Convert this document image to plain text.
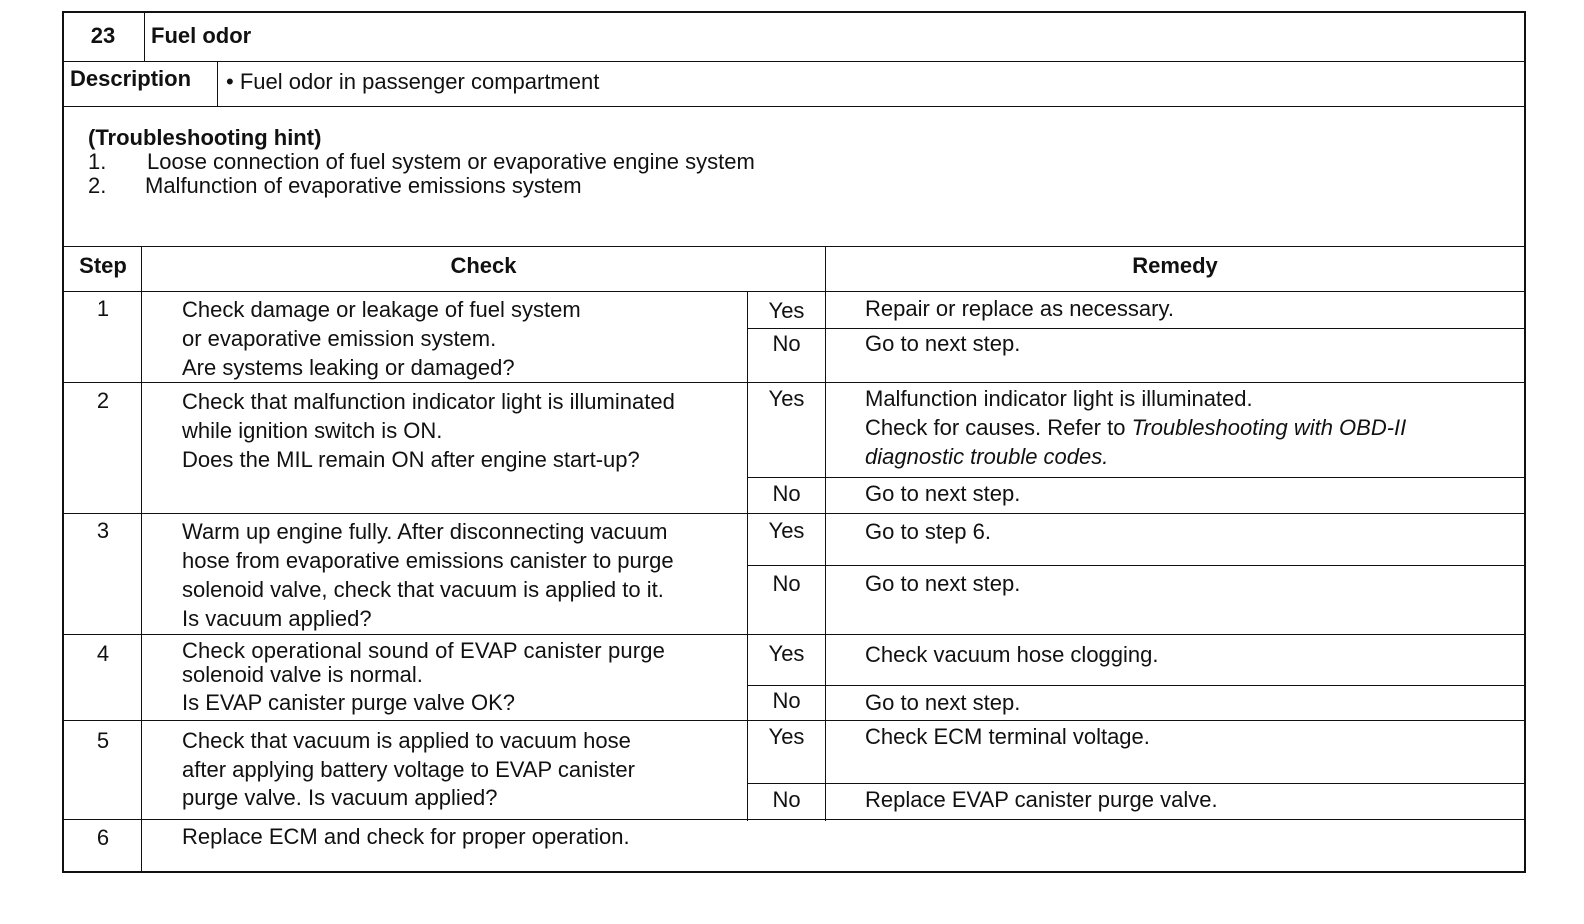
23	Fuel odor
Description • Fuel odor in passenger compartment
(Troubleshooting hint)
1. Loose connection of fuel system or evaporative engine system
2. Malfunction of evaporative emissions system
Step	Check	Remedy
1	Check damage or leakage of fuel system
or evaporative emission system.
Are systems leaking or damaged?
Yes	Repair or replace as necessary.
No	Go to next step.
2	Check that malfunction indicator light is illuminated
while ignition switch is ON.
Does the MIL remain ON after engine start-up?
Yes	Malfunction indicator light is illuminated.
Check for causes. Refer to Troubleshooting with OBD-II
diagnostic trouble codes.
No	Go to next step.
3	Warm up engine fully. After disconnecting vacuum
hose from evaporative emissions canister to purge
solenoid valve, check that vacuum is applied to it.
Is vacuum applied?
Yes	Go to step 6.
No	Go to next step.
4	Check operational sound of EVAP canister purge
solenoid valve is normal.
Is EVAP canister purge valve OK?
Yes	Check vacuum hose clogging.
No	Go to next step.
5	Check that vacuum is applied to vacuum hose
after applying battery voltage to EVAP canister
purge valve. Is vacuum applied?
Yes	Check ECM terminal voltage.
No	Replace EVAP canister purge valve.
6	Replace ECM and check for proper operation.
